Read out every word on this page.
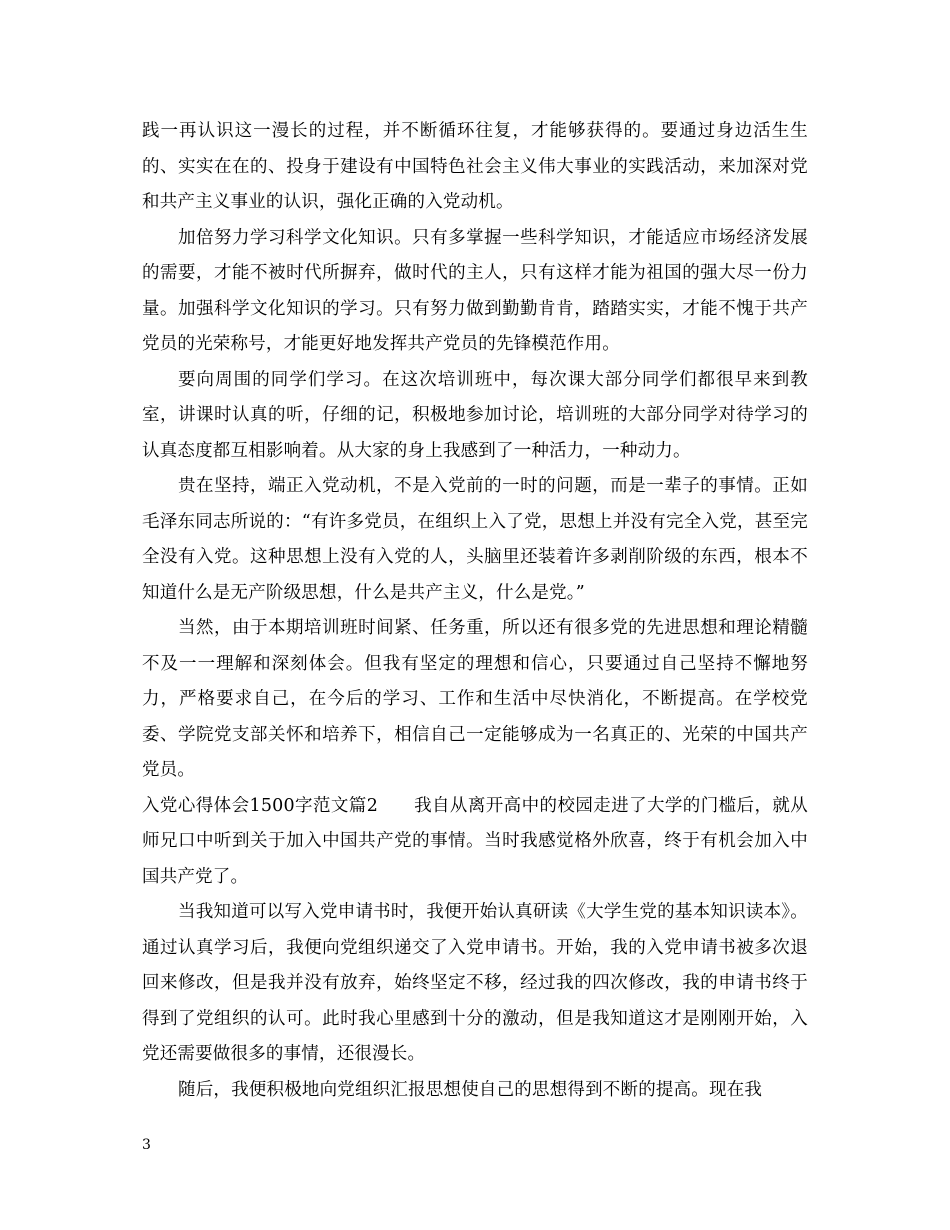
践一再认识这一漫长的过程，并不断循环往复，才能够获得的。要通过身边活生生的、实实在在的、投身于建设有中国特色社会主义伟大事业的实践活动，来加深对党和共产主义事业的认识，强化正确的入党动机。

加倍努力学习科学文化知识。只有多掌握一些科学知识，才能适应市场经济发展的需要，才能不被时代所摒弃，做时代的主人，只有这样才能为祖国的强大尽一份力量。加强科学文化知识的学习。只有努力做到勤勤肯肯，踏踏实实，才能不愧于共产党员的光荣称号，才能更好地发挥共产党员的先锋模范作用。

要向周围的同学们学习。在这次培训班中，每次课大部分同学们都很早来到教室，讲课时认真的听，仔细的记，积极地参加讨论，培训班的大部分同学对待学习的认真态度都互相影响着。从大家的身上我感到了一种活力，一种动力。

贵在坚持，端正入党动机，不是入党前的一时的问题，而是一辈子的事情。正如毛泽东同志所说的：“有许多党员，在组织上入了党，思想上并没有完全入党，甚至完全没有入党。这种思想上没有入党的人，头脑里还装着许多剥削阶级的东西，根本不知道什么是无产阶级思想，什么是共产主义，什么是党。”

当然，由于本期培训班时间紧、任务重，所以还有很多党的先进思想和理论精髓不及一一理解和深刻体会。但我有坚定的理想和信心，只要通过自己坚持不懈地努力，严格要求自己，在今后的学习、工作和生活中尽快消化，不断提高。在学校党委、学院党支部关怀和培养下，相信自己一定能够成为一名真正的、光荣的中国共产党员。

入党心得体会1500字范文篇2　　我自从离开高中的校园走进了大学的门槛后，就从师兄口中听到关于加入中国共产党的事情。当时我感觉格外欣喜，终于有机会加入中国共产党了。

当我知道可以写入党申请书时，我便开始认真研读《大学生党的基本知识读本》。通过认真学习后，我便向党组织递交了入党申请书。开始，我的入党申请书被多次退回来修改，但是我并没有放弃，始终坚定不移，经过我的四次修改，我的申请书终于得到了党组织的认可。此时我心里感到十分的激动，但是我知道这才是刚刚开始，入党还需要做很多的事情，还很漫长。

随后，我便积极地向党组织汇报思想使自己的思想得到不断的提高。现在我

3
